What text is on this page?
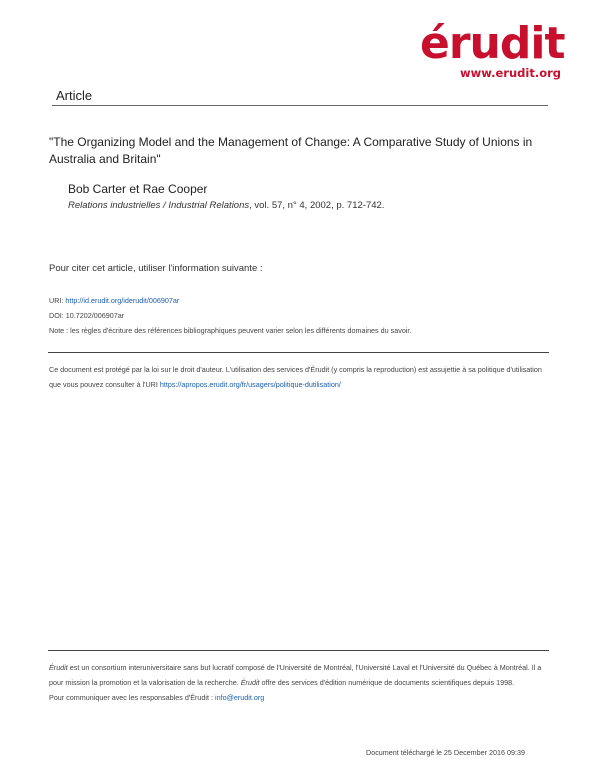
érudit
www.erudit.org
Article
"The Organizing Model and the Management of Change: A Comparative Study of Unions in Australia and Britain"
Bob Carter et Rae Cooper
Relations industrielles / Industrial Relations, vol. 57, n° 4, 2002, p. 712-742.
Pour citer cet article, utiliser l'information suivante :
URI: http://id.erudit.org/iderudit/006907ar
DOI: 10.7202/006907ar
Note : les règles d'écriture des références bibliographiques peuvent varier selon les différents domaines du savoir.
Ce document est protégé par la loi sur le droit d'auteur. L'utilisation des services d'Érudit (y compris la reproduction) est assujettie à sa politique d'utilisation que vous pouvez consulter à l'URI https://apropos.erudit.org/fr/usagers/politique-dutilisation/
Érudit est un consortium interuniversitaire sans but lucratif composé de l'Université de Montréal, l'Université Laval et l'Université du Québec à Montréal. Il a pour mission la promotion et la valorisation de la recherche. Érudit offre des services d'édition numérique de documents scientifiques depuis 1998.
Pour communiquer avec les responsables d'Érudit : info@erudit.org
Document téléchargé le 25 December 2016 09:39
